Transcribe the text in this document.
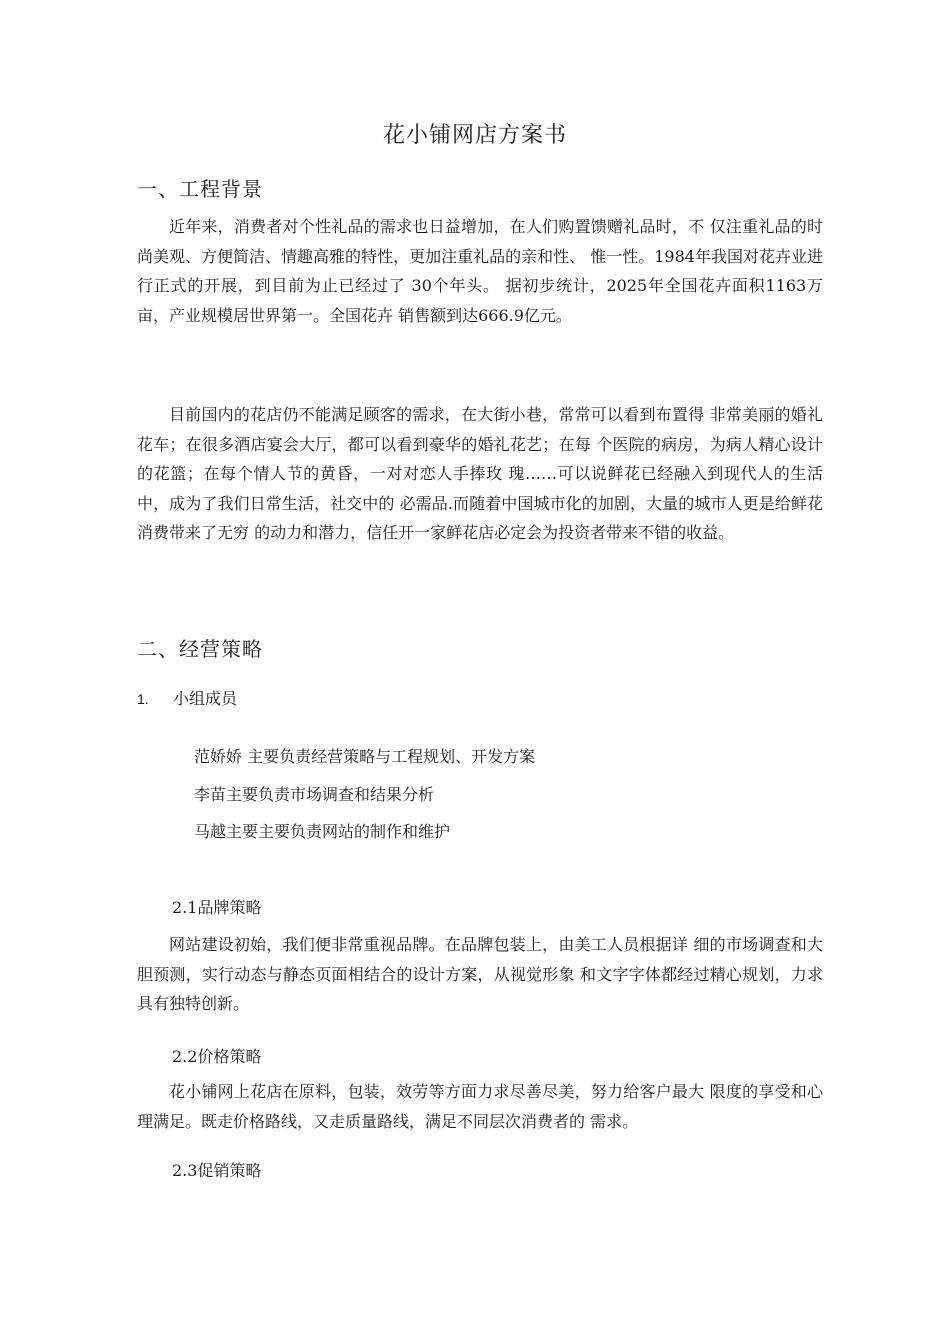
花小铺网店方案书
一、工程背景
近年来，消费者对个性礼品的需求也日益增加，在人们购置馈赠礼品时，不 仅注重礼品的时尚美观、方便简洁、情趣高雅的特性，更加注重礼品的亲和性、 惟一性。1984年我国对花卉业进行正式的开展，到目前为止已经过了 30个年头。 据初步统计，2025年全国花卉面积1163万亩，产业规模居世界第一。全国花卉 销售额到达666.9亿元。
目前国内的花店仍不能满足顾客的需求，在大街小巷，常常可以看到布置得 非常美丽的婚礼花车；在很多酒店宴会大厅，都可以看到豪华的婚礼花艺；在每 个医院的病房，为病人精心设计的花篮；在每个情人节的黄昏，一对对恋人手捧玫 瑰……可以说鲜花已经融入到现代人的生活中，成为了我们日常生活，社交中的 必需品.而随着中国城市化的加剧，大量的城市人更是给鲜花消费带来了无穷 的动力和潜力，信任开一家鲜花店必定会为投资者带来不错的收益。
二、经营策略
1. 小组成员
范娇娇 主要负责经营策略与工程规划、开发方案
李苗主要负责市场调查和结果分析
马越主要主要负责网站的制作和维护
2.1品牌策略
网站建设初始，我们便非常重视品牌。在品牌包装上，由美工人员根据详 细的市场调查和大胆预测，实行动态与静态页面相结合的设计方案，从视觉形象 和文字字体都经过精心规划，力求具有独特创新。
2.2价格策略
花小铺网上花店在原料，包装，效劳等方面力求尽善尽美，努力给客户最大 限度的享受和心理满足。既走价格路线，又走质量路线，满足不同层次消费者的 需求。
2.3促销策略
